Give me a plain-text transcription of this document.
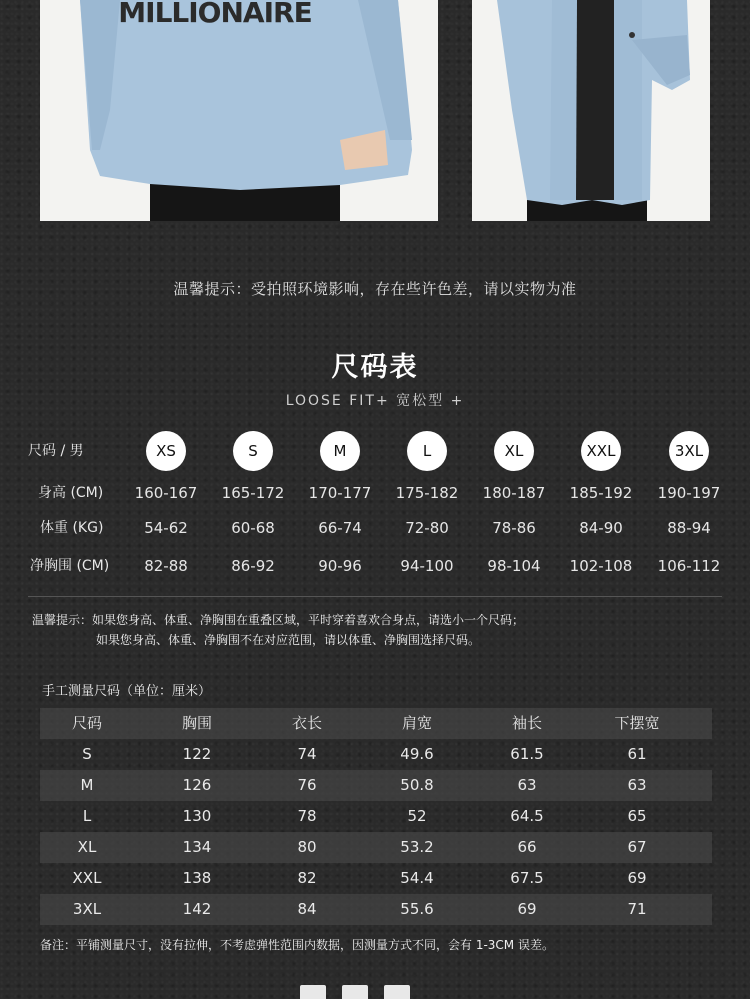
MILLIONAIRE
温馨提示：受拍照环境影响，存在些许色差，请以实物为准
尺码表
LOOSE FIT+ 宽松型 +
尺码 / 男	XS	S	M	L	XL	XXL	3XL
身高 (CM)	160-167	165-172	170-177	175-182	180-187	185-192	190-197
体重 (KG)	54-62	60-68	66-74	72-80	78-86	84-90	88-94
净胸围 (CM)	82-88	86-92	90-96	94-100	98-104	102-108	106-112
温馨提示：如果您身高、体重、净胸围在重叠区域，平时穿着喜欢合身点，请选小一个尺码；
如果您身高、体重、净胸围不在对应范围，请以体重、净胸围选择尺码。
手工测量尺码（单位：厘米）
尺码	胸围	衣长	肩宽	袖长	下摆宽
S	122	74	49.6	61.5	61
M	126	76	50.8	63	63
L	130	78	52	64.5	65
XL	134	80	53.2	66	67
XXL	138	82	54.4	67.5	69
3XL	142	84	55.6	69	71
备注：平铺测量尺寸，没有拉伸，不考虑弹性范围内数据，因测量方式不同，会有 1-3CM 误差。
